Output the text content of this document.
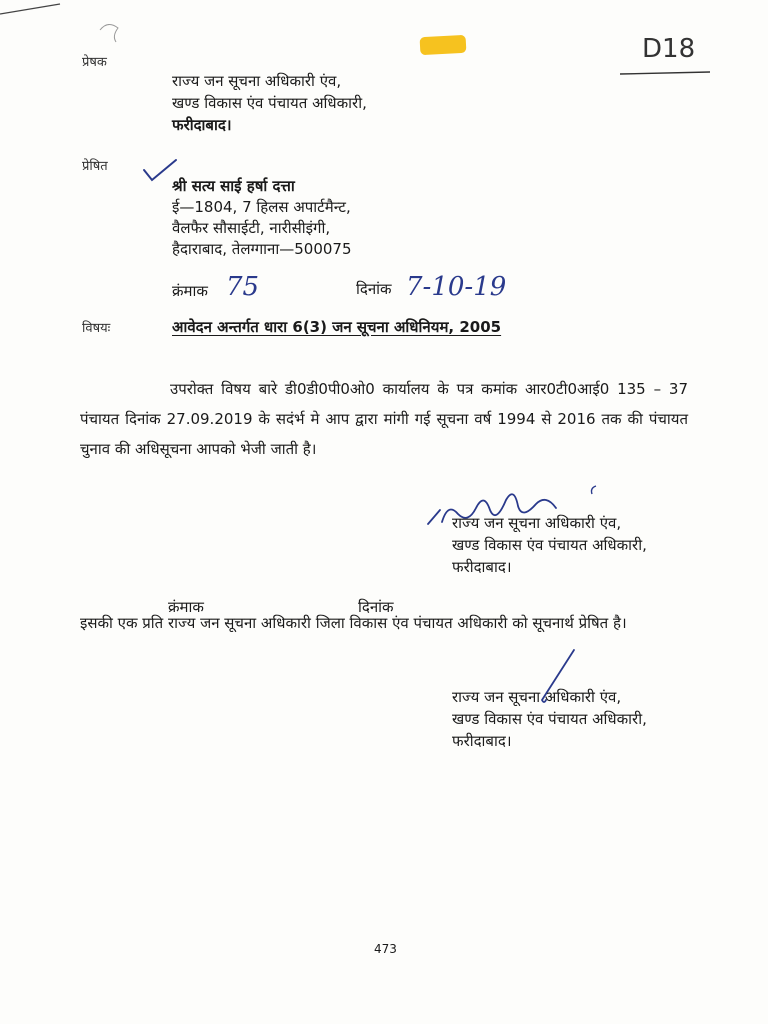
D18
प्रेषक
राज्य जन सूचना अधिकारी एंव,
खण्ड विकास एंव पंचायत अधिकारी,
फरीदाबाद।
प्रेषित
श्री सत्य साई हर्षा दत्ता
ई—1804, 7 हिलस अपार्टमैन्ट,
वैलफैर सौसाईटी, नारीसीइंगी,
हैदाराबाद, तेलग्गाना—500075
क्रंमाक 75	दिनांक 7-10-19
विषयः	आवेदन अन्तर्गत धारा 6(3) जन सूचना अधिनियम, 2005
उपरोक्त विषय बारे डी0डी0पी0ओ0 कार्यालय के पत्र कमांक आर0टी0आई0 135 – 37 पंचायत दिनांक 27.09.2019 के सदंर्भ मे आप द्वारा मांगी गई सूचना वर्ष 1994 से 2016 तक की पंचायत चुनाव की अधिसूचना आपको भेजी जाती है।
राज्य जन सूचना अधिकारी एंव,
खण्ड विकास एंव पंचायत अधिकारी,
फरीदाबाद।
क्रंमाक	दिनांक
इसकी एक प्रति राज्य जन सूचना अधिकारी जिला विकास एंव पंचायत अधिकारी को सूचनार्थ प्रेषित है।
राज्य जन सूचना अधिकारी एंव,
खण्ड विकास एंव पंचायत अधिकारी,
फरीदाबाद।
473
